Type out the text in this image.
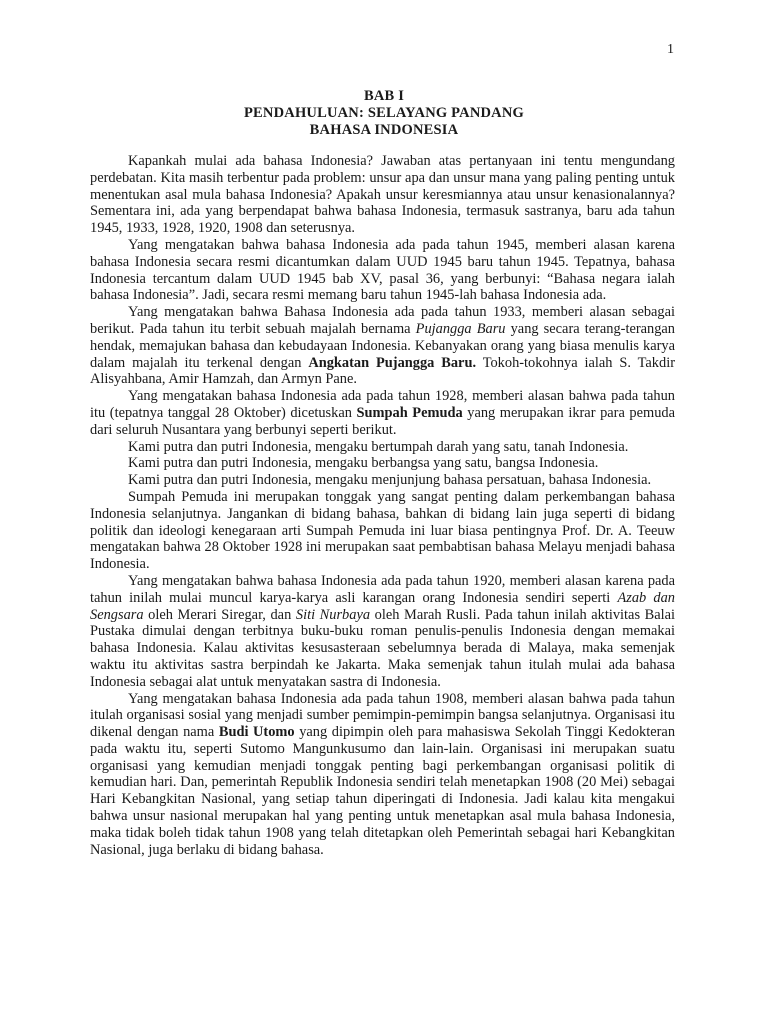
1
BAB I
PENDAHULUAN: SELAYANG PANDANG
BAHASA INDONESIA

Kapankah mulai ada bahasa Indonesia? Jawaban atas pertanyaan ini tentu mengundang perdebatan. Kita masih terbentur pada problem: unsur apa dan unsur mana yang paling penting untuk menentukan asal mula bahasa Indonesia? Apakah unsur keresmiannya atau unsur kenasionalannya? Sementara ini, ada yang berpendapat bahwa bahasa Indonesia, termasuk sastranya, baru ada tahun 1945, 1933, 1928, 1920, 1908 dan seterusnya.

Yang mengatakan bahwa bahasa Indonesia ada pada tahun 1945, memberi alasan karena bahasa Indonesia secara resmi dicantumkan dalam UUD 1945 baru tahun 1945. Tepatnya, bahasa Indonesia tercantum dalam UUD 1945 bab XV, pasal 36, yang berbunyi: “Bahasa negara ialah bahasa Indonesia”. Jadi, secara resmi memang baru tahun 1945-lah bahasa Indonesia ada.

Yang mengatakan bahwa Bahasa Indonesia ada pada tahun 1933, memberi alasan sebagai berikut. Pada tahun itu terbit sebuah majalah bernama Pujangga Baru yang secara terang-terangan hendak, memajukan bahasa dan kebudayaan Indonesia. Kebanyakan orang yang biasa menulis karya dalam majalah itu terkenal dengan Angkatan Pujangga Baru. Tokoh-tokohnya ialah S. Takdir Alisyahbana, Amir Hamzah, dan Armyn Pane.

Yang mengatakan bahasa Indonesia ada pada tahun 1928, memberi alasan bahwa pada tahun itu (tepatnya tanggal 28 Oktober) dicetuskan Sumpah Pemuda yang merupakan ikrar para pemuda dari seluruh Nusantara yang berbunyi seperti berikut.

Kami putra dan putri Indonesia, mengaku bertumpah darah yang satu, tanah Indonesia.

Kami putra dan putri Indonesia, mengaku berbangsa yang satu, bangsa Indonesia.

Kami putra dan putri Indonesia, mengaku menjunjung bahasa persatuan, bahasa Indonesia.

Sumpah Pemuda ini merupakan tonggak yang sangat penting dalam perkembangan bahasa Indonesia selanjutnya. Jangankan di bidang bahasa, bahkan di bidang lain juga seperti di bidang politik dan ideologi kenegaraan arti Sumpah Pemuda ini luar biasa pentingnya Prof. Dr. A. Teeuw mengatakan bahwa 28 Oktober 1928 ini merupakan saat pembabtisan bahasa Melayu menjadi bahasa Indonesia.

Yang mengatakan bahwa bahasa Indonesia ada pada tahun 1920, memberi alasan karena pada tahun inilah mulai muncul karya-karya asli karangan orang Indonesia sendiri seperti Azab dan Sengsara oleh Merari Siregar, dan Siti Nurbaya oleh Marah Rusli. Pada tahun inilah aktivitas Balai Pustaka dimulai dengan terbitnya buku-buku roman penulis-penulis Indonesia dengan memakai bahasa Indonesia. Kalau aktivitas kesusasteraan sebelumnya berada di Malaya, maka semenjak waktu itu aktivitas sastra berpindah ke Jakarta. Maka semenjak tahun itulah mulai ada bahasa Indonesia sebagai alat untuk menyatakan sastra di Indonesia.

Yang mengatakan bahasa Indonesia ada pada tahun 1908, memberi alasan bahwa pada tahun itulah organisasi sosial yang menjadi sumber pemimpin-pemimpin bangsa selanjutnya. Organisasi itu dikenal dengan nama Budi Utomo yang dipimpin oleh para mahasiswa Sekolah Tinggi Kedokteran pada waktu itu, seperti Sutomo Mangunkusumo dan lain-lain. Organisasi ini merupakan suatu organisasi yang kemudian menjadi tonggak penting bagi perkembangan organisasi politik di kemudian hari. Dan, pemerintah Republik Indonesia sendiri telah menetapkan 1908 (20 Mei) sebagai Hari Kebangkitan Nasional, yang setiap tahun diperingati di Indonesia. Jadi kalau kita mengakui bahwa unsur nasional merupakan hal yang penting untuk menetapkan asal mula bahasa Indonesia, maka tidak boleh tidak tahun 1908 yang telah ditetapkan oleh Pemerintah sebagai hari Kebangkitan Nasional, juga berlaku di bidang bahasa.
